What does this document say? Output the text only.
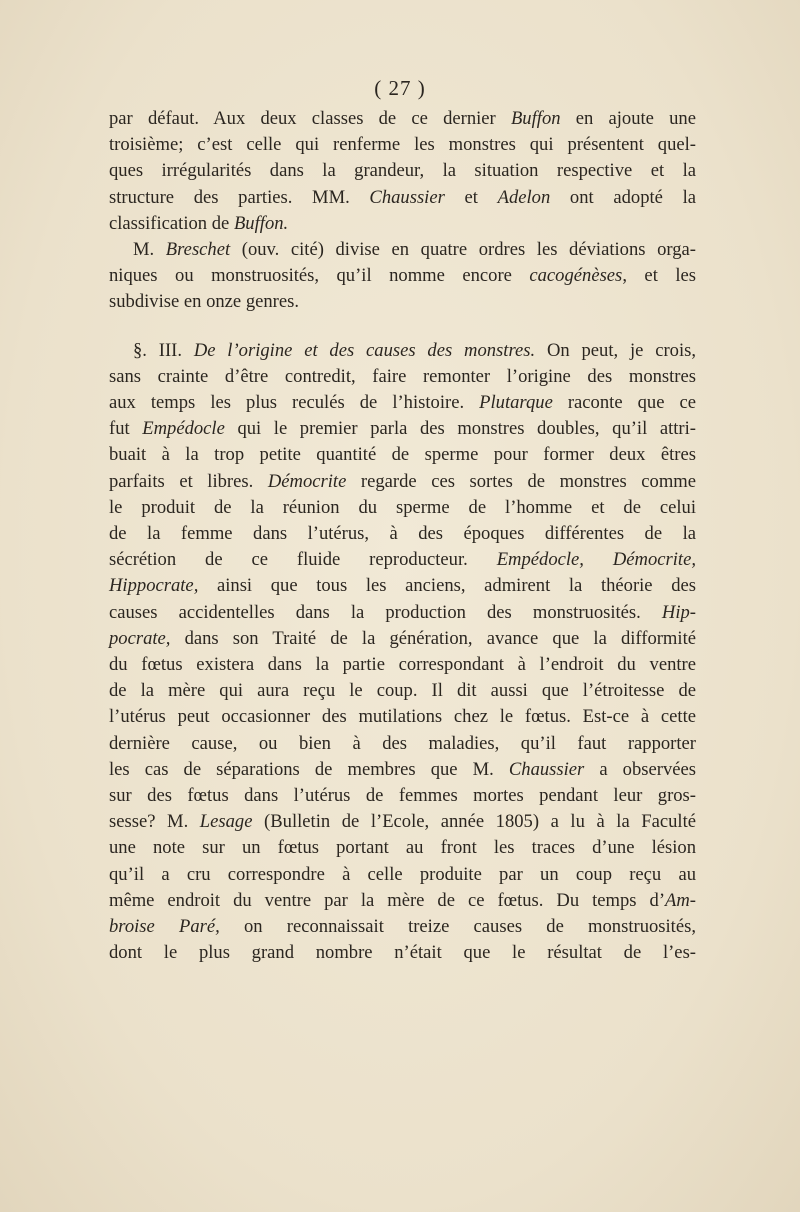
( 27 )
par défaut. Aux deux classes de ce dernier Buffon en ajoute une
troisième; c’est celle qui renferme les monstres qui présentent quel-
ques irrégularités dans la grandeur, la situation respective et la
structure des parties. MM. Chaussier et Adelon ont adopté la
classification de Buffon.
M. Breschet (ouv. cité) divise en quatre ordres les déviations orga-
niques ou monstruosités, qu’il nomme encore cacogénèses, et les
subdivise en onze genres.
§. III. De l’origine et des causes des monstres. On peut, je crois,
sans crainte d’être contredit, faire remonter l’origine des monstres
aux temps les plus reculés de l’histoire. Plutarque raconte que ce
fut Empédocle qui le premier parla des monstres doubles, qu’il attri-
buait à la trop petite quantité de sperme pour former deux êtres
parfaits et libres. Démocrite regarde ces sortes de monstres comme
le produit de la réunion du sperme de l’homme et de celui
de la femme dans l’utérus, à des époques différentes de la
sécrétion de ce fluide reproducteur. Empédocle, Démocrite,
Hippocrate, ainsi que tous les anciens, admirent la théorie des
causes accidentelles dans la production des monstruosités. Hip-
pocrate, dans son Traité de la génération, avance que la difformité
du fœtus existera dans la partie correspondant à l’endroit du ventre
de la mère qui aura reçu le coup. Il dit aussi que l’étroitesse de
l’utérus peut occasionner des mutilations chez le fœtus. Est-ce à cette
dernière cause, ou bien à des maladies, qu’il faut rapporter
les cas de séparations de membres que M. Chaussier a observées
sur des fœtus dans l’utérus de femmes mortes pendant leur gros-
sesse? M. Lesage (Bulletin de l’Ecole, année 1805) a lu à la Faculté
une note sur un fœtus portant au front les traces d’une lésion
qu’il a cru correspondre à celle produite par un coup reçu au
même endroit du ventre par la mère de ce fœtus. Du temps d’Am-
broise Paré, on reconnaissait treize causes de monstruosités,
dont le plus grand nombre n’était que le résultat de l’es-
